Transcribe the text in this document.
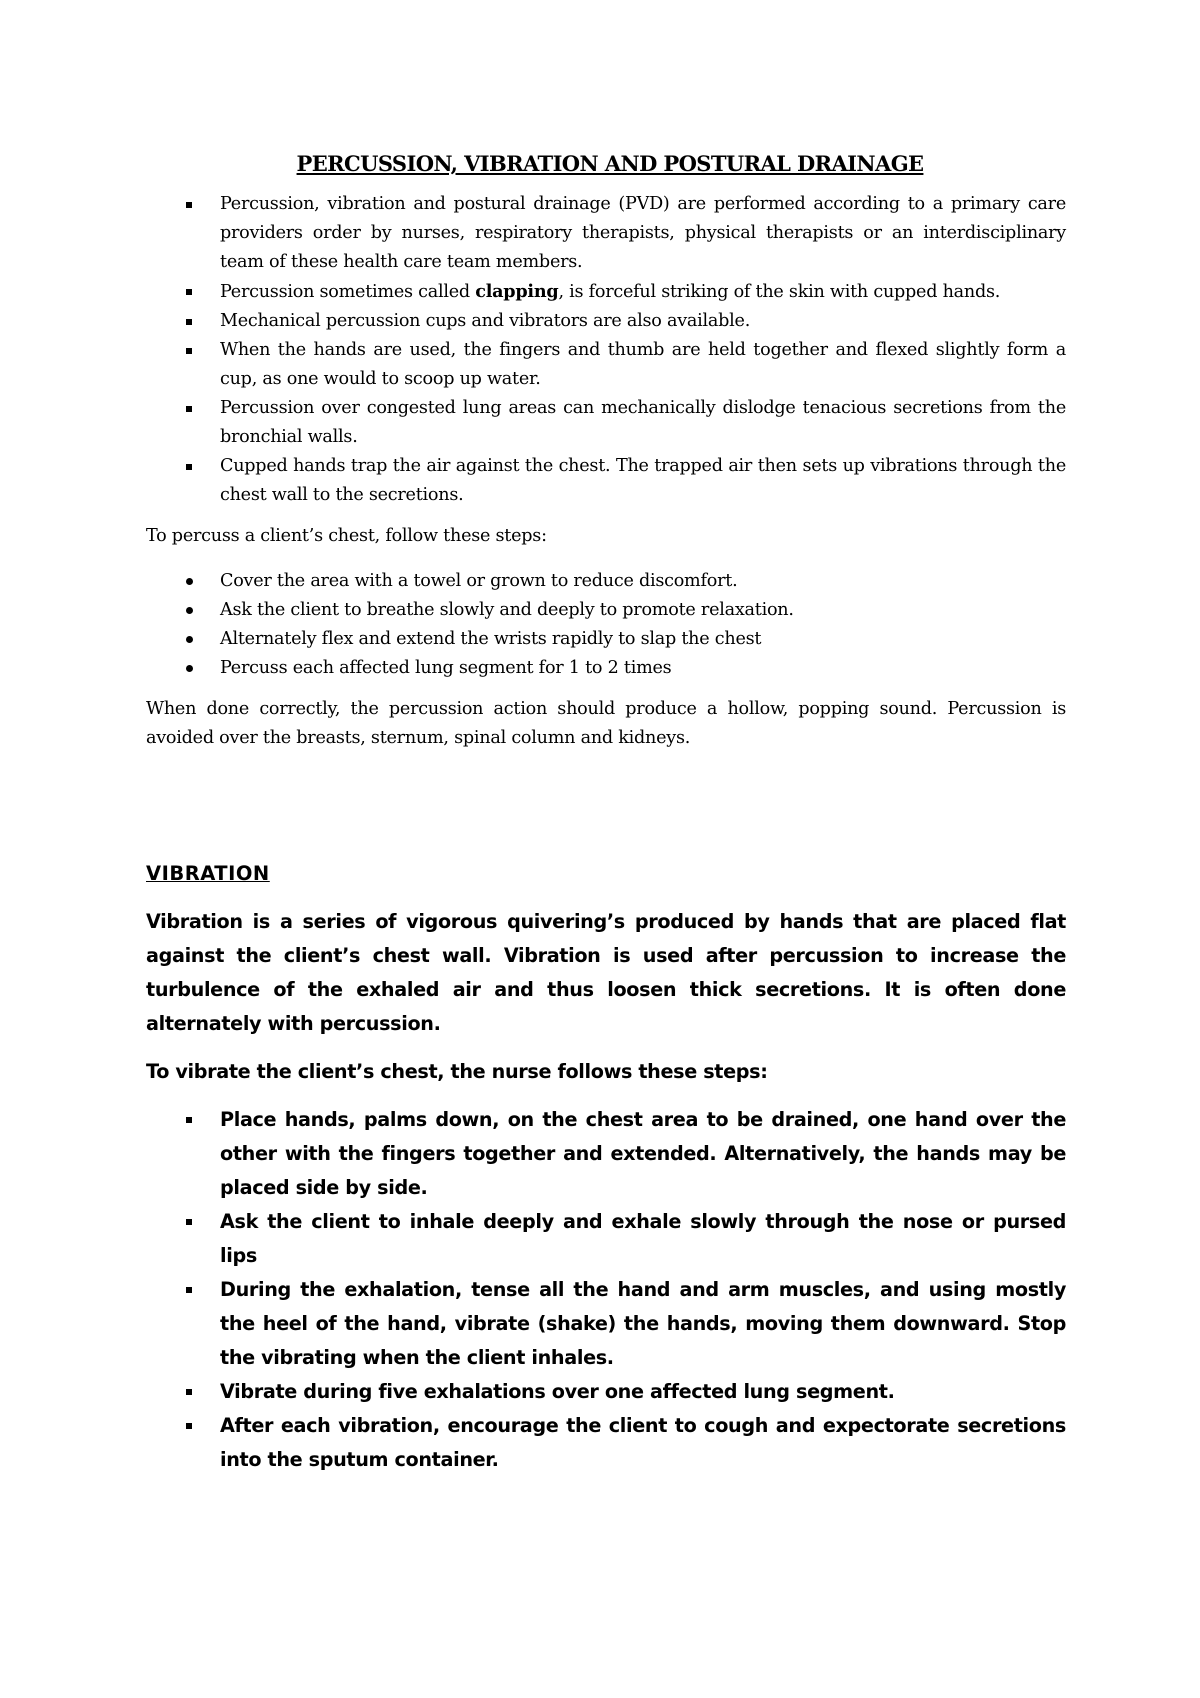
PERCUSSION, VIBRATION AND POSTURAL DRAINAGE
Percussion, vibration and postural drainage (PVD) are performed according to a primary care providers order by nurses, respiratory therapists, physical therapists or an interdisciplinary team of these health care team members.
Percussion sometimes called clapping, is forceful striking of the skin with cupped hands.
Mechanical percussion cups and vibrators are also available.
When the hands are used, the fingers and thumb are held together and flexed slightly form a cup, as one would to scoop up water.
Percussion over congested lung areas can mechanically dislodge tenacious secretions from the bronchial walls.
Cupped hands trap the air against the chest. The trapped air then sets up vibrations through the chest wall to the secretions.

To percuss a client’s chest, follow these steps:

Cover the area with a towel or grown to reduce discomfort.
Ask the client to breathe slowly and deeply to promote relaxation.
Alternately flex and extend the wrists rapidly to slap the chest
Percuss each affected lung segment for 1 to 2 times

When done correctly, the percussion action should produce a hollow, popping sound. Percussion is avoided over the breasts, sternum, spinal column and kidneys.

VIBRATION

Vibration is a series of vigorous quivering’s produced by hands that are placed flat against the client’s chest wall. Vibration is used after percussion to increase the turbulence of the exhaled air and thus loosen thick secretions. It is often done alternately with percussion.

To vibrate the client’s chest, the nurse follows these steps:

Place hands, palms down, on the chest area to be drained, one hand over the other with the fingers together and extended. Alternatively, the hands may be placed side by side.
Ask the client to inhale deeply and exhale slowly through the nose or pursed lips
During the exhalation, tense all the hand and arm muscles, and using mostly the heel of the hand, vibrate (shake) the hands, moving them downward. Stop the vibrating when the client inhales.
Vibrate during five exhalations over one affected lung segment.
After each vibration, encourage the client to cough and expectorate secretions into the sputum container.
